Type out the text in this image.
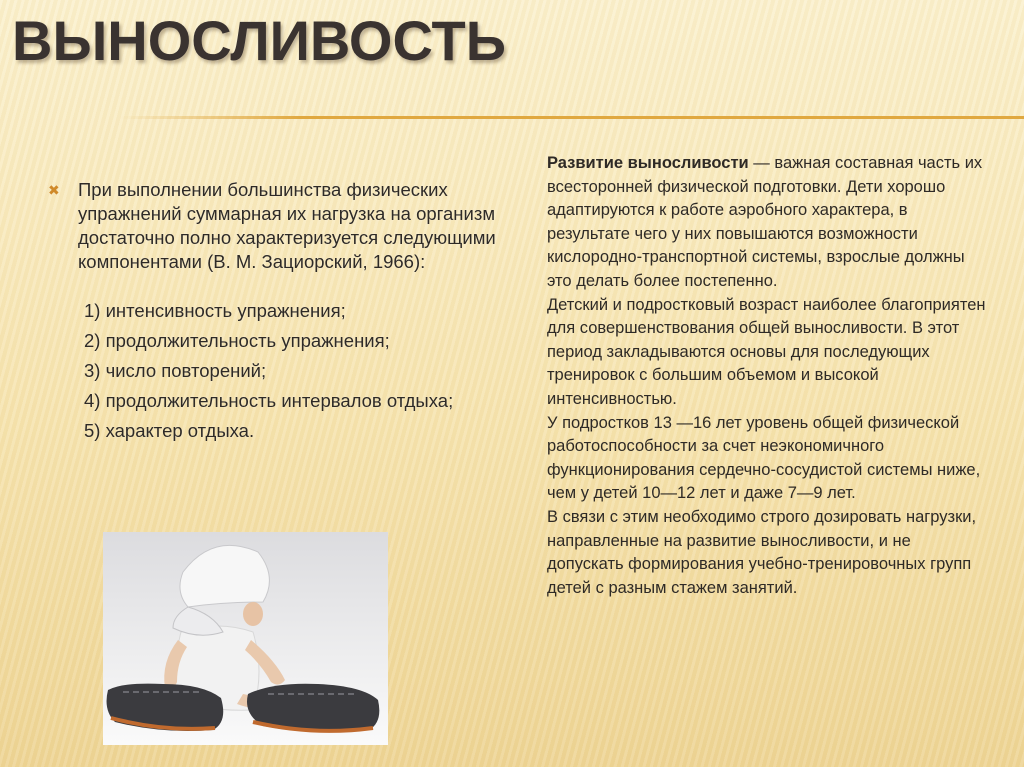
ВЫНОСЛИВОСТЬ
✖ При выполнении большинства физических упражнений суммарная их нагрузка на организм достаточно полно характеризуется следующими компонентами (В. М. Зациорский, 1966):
1) интенсивность упражнения;
2) продолжительность упражнения;
3) число повторений;
4) продолжительность интервалов отдыха;
5) характер отдыха.
Развитие выносливости — важная составная часть их всесторонней физической подготовки. Дети хорошо адаптируются к работе аэробного характера, в результате чего у них повышаются возможности кислородно-транспортной системы, взрослые должны это делать более постепенно.
Детский и подростковый возраст наиболее благоприятен для совершенствования общей выносливости. В этот период закладываются основы для последующих тренировок с большим объемом и высокой интенсивностью.
У подростков 13 —16 лет уровень общей физической работоспособности за счет неэкономичного функционирования сердечно-сосудистой системы ниже, чем у детей 10—12 лет и даже 7—9 лет.
В связи с этим необходимо строго дозировать нагрузки, направленные на развитие выносливости, и не допускать формирования учебно-тренировочных групп детей с разным стажем занятий.
